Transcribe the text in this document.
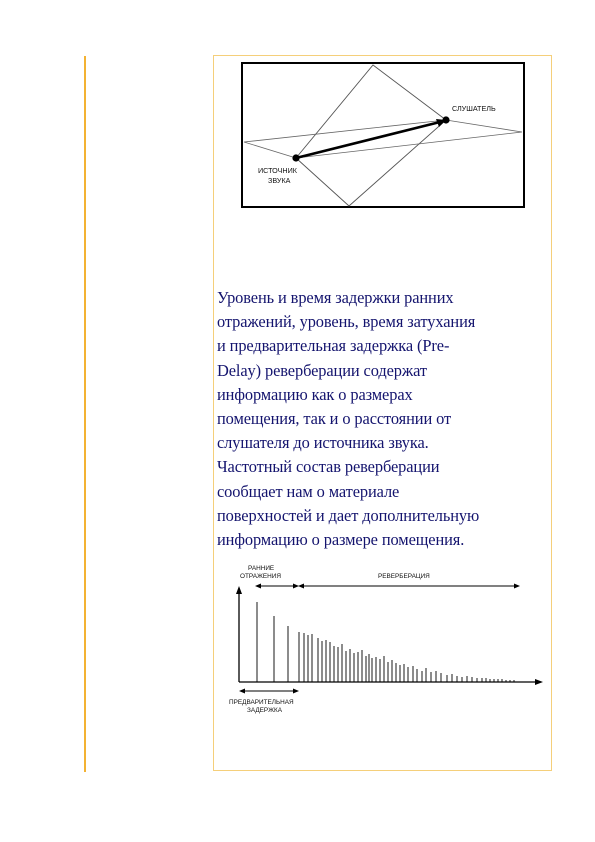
СЛУШАТЕЛЬ
ИСТОЧНИК
ЗВУКА

Уровень и время задержки ранних

отражений, уровень, время затухания

и предварительная задержка (Pre-

Delay) реверберации содержат

информацию как о размерах

помещения, так и о расстоянии от

слушателя до источника звука.

Частотный состав реверберации

сообщает нам о материале

поверхностей и дает дополнительную

информацию о размере помещения.

РАННИЕ
ОТРАЖЕНИЯ	РЕВЕРБЕРАЦИЯ
ПРЕДВАРИТЕЛЬНАЯ
ЗАДЕРЖКА
